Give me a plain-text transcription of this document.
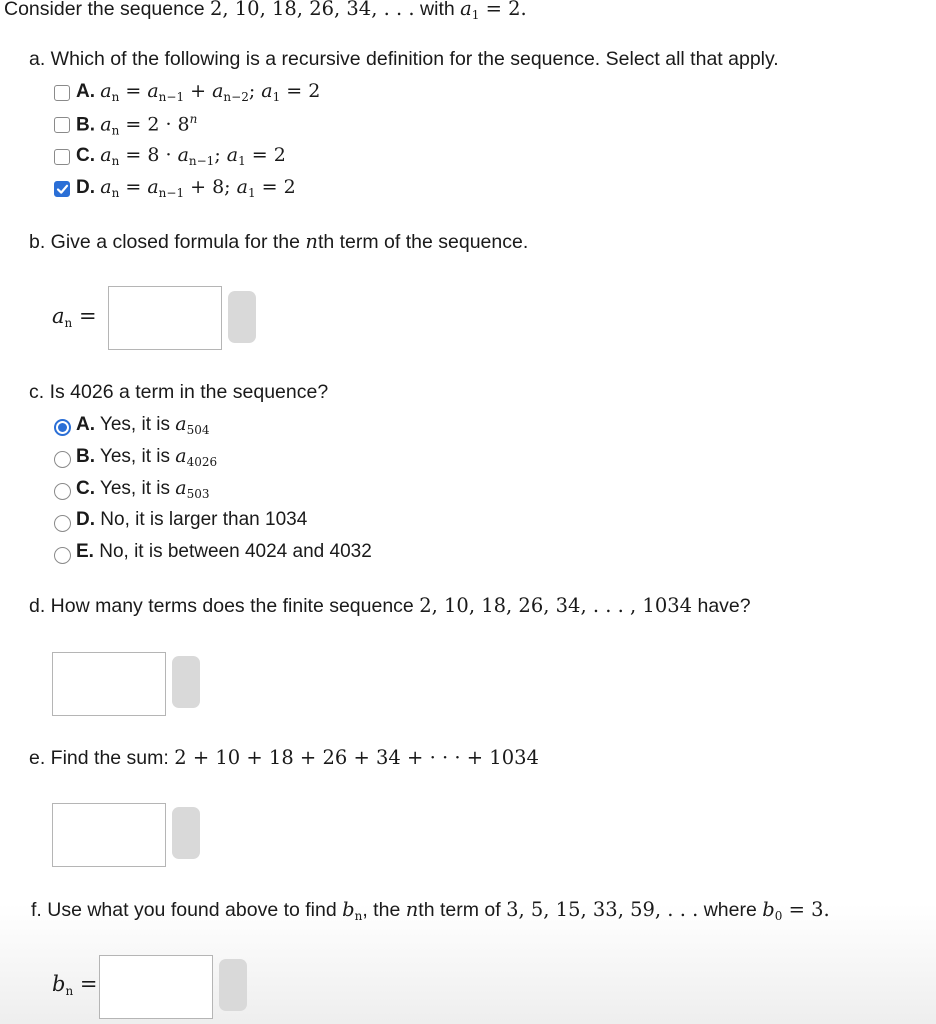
Consider the sequence 2, 10, 18, 26, 34, . . . with $a_1 = 2$.
a. Which of the following is a recursive definition for the sequence. Select all that apply.
A. $a_n = a_{n-1} + a_{n-2}$; $a_1 = 2$
B. $a_n = 2 \cdot 8^n$
C. $a_n = 8 \cdot a_{n-1}$; $a_1 = 2$
D. $a_n = a_{n-1} + 8$; $a_1 = 2$
b. Give a closed formula for the nth term of the sequence.
$a_n$ =
c. Is 4026 a term in the sequence?
A. Yes, it is $a_{504}$
B. Yes, it is $a_{4026}$
C. Yes, it is $a_{503}$
D. No, it is larger than 1034
E. No, it is between 4024 and 4032
d. How many terms does the finite sequence 2, 10, 18, 26, 34, . . . , 1034 have?
e. Find the sum: 2 + 10 + 18 + 26 + 34 + · · · + 1034
f. Use what you found above to find $b_n$, the nth term of 3, 5, 15, 33, 59, . . . where $b_0 = 3$.
$b_n$ =
